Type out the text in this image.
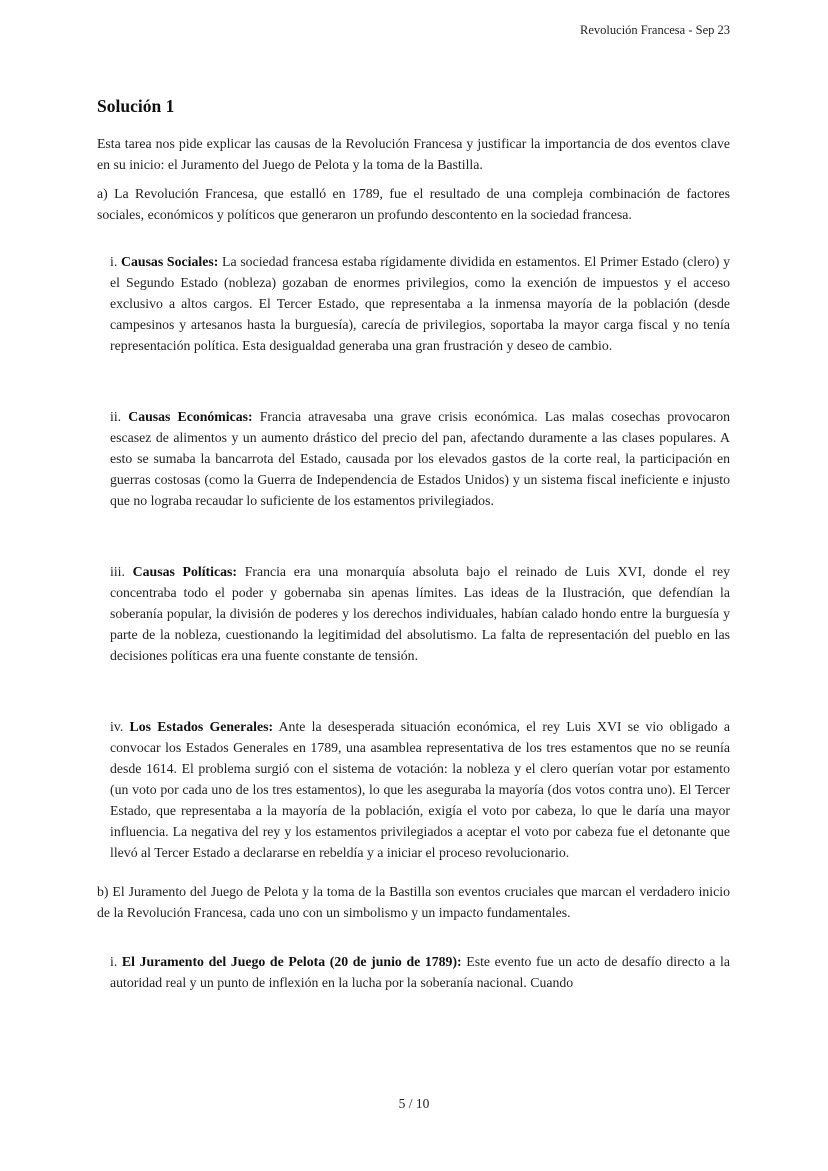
Revolución Francesa - Sep 23
Solución 1

Esta tarea nos pide explicar las causas de la Revolución Francesa y justificar la importancia de dos eventos clave en su inicio: el Juramento del Juego de Pelota y la toma de la Bastilla.

a) La Revolución Francesa, que estalló en 1789, fue el resultado de una compleja combinación de factores sociales, económicos y políticos que generaron un profundo descontento en la sociedad francesa.

i. Causas Sociales: La sociedad francesa estaba rígidamente dividida en estamentos. El Primer Estado (clero) y el Segundo Estado (nobleza) gozaban de enormes privilegios, como la exención de impuestos y el acceso exclusivo a altos cargos. El Tercer Estado, que representaba a la inmensa mayoría de la población (desde campesinos y artesanos hasta la burguesía), carecía de privilegios, soportaba la mayor carga fiscal y no tenía representación política. Esta desigualdad generaba una gran frustración y deseo de cambio.
ii. Causas Económicas: Francia atravesaba una grave crisis económica. Las malas cosechas provocaron escasez de alimentos y un aumento drástico del precio del pan, afectando duramente a las clases populares. A esto se sumaba la bancarrota del Estado, causada por los elevados gastos de la corte real, la participación en guerras costosas (como la Guerra de Independencia de Estados Unidos) y un sistema fiscal ineficiente e injusto que no lograba recaudar lo suficiente de los estamentos privilegiados.
iii. Causas Políticas: Francia era una monarquía absoluta bajo el reinado de Luis XVI, donde el rey concentraba todo el poder y gobernaba sin apenas límites. Las ideas de la Ilustración, que defendían la soberanía popular, la división de poderes y los derechos individuales, habían calado hondo entre la burguesía y parte de la nobleza, cuestionando la legitimidad del absolutismo. La falta de representación del pueblo en las decisiones políticas era una fuente constante de tensión.
iv. Los Estados Generales: Ante la desesperada situación económica, el rey Luis XVI se vio obligado a convocar los Estados Generales en 1789, una asamblea representativa de los tres estamentos que no se reunía desde 1614. El problema surgió con el sistema de votación: la nobleza y el clero querían votar por estamento (un voto por cada uno de los tres estamentos), lo que les aseguraba la mayoría (dos votos contra uno). El Tercer Estado, que representaba a la mayoría de la población, exigía el voto por cabeza, lo que le daría una mayor influencia. La negativa del rey y los estamentos privilegiados a aceptar el voto por cabeza fue el detonante que llevó al Tercer Estado a declararse en rebeldía y a iniciar el proceso revolucionario.

b) El Juramento del Juego de Pelota y la toma de la Bastilla son eventos cruciales que marcan el verdadero inicio de la Revolución Francesa, cada uno con un simbolismo y un impacto fundamentales.

i. El Juramento del Juego de Pelota (20 de junio de 1789): Este evento fue un acto de desafío directo a la autoridad real y un punto de inflexión en la lucha por la soberanía nacional. Cuando
5 / 10
